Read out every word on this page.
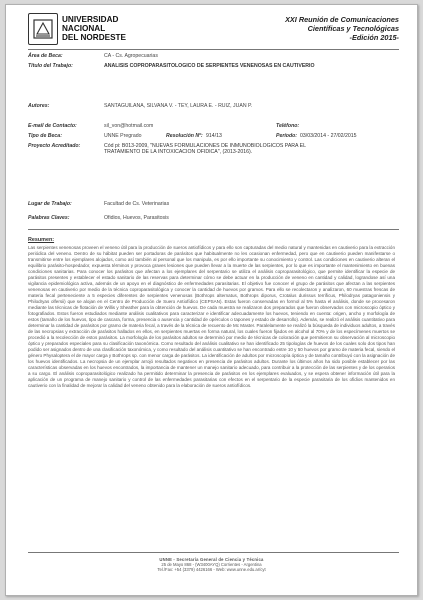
UNIVERSIDAD
NACIONAL
DEL NORDESTE
XXI Reunión de Comunicaciones
Científicas y Tecnológicas
-Edición 2015-
Área de Beca:	CA - Cs. Agropecuarias
Título del Trabajo:	ANALISIS COPROPARASITOLOGICO DE SERPIENTES VENENOSAS EN CAUTIVERIO
Autores:	SANTAGUILANA, SILVANA V. - TEY, LAURA E. - RUIZ, JUAN P.
E-mail de Contacto:	sil_von@hotmail.com	Teléfono:
Tipo de Beca:	UNNE Pregrado	Resolución Nº: 914/13	Período: 03/03/2014 - 27/02/2015
Proyecto Acreditado:	Cód pi: B013-2009, "NUEVAS FORMULACIONES DE INMUNOBIOLOGICOS PARA EL
TRATAMIENTO DE LA INTOXICACION OFIDICA", (2013-2016).
Lugar de Trabajo:	Facultad de Cs. Veterinarias
Palabras Claves:	Ofidios, Huevos, Parasitosis
Resumen:
Las serpientes venenosas proveen el veneno útil para la producción de sueros antiofídicos y para ello son capturadas del medio natural y mantenidas en cautiverio para la extracción periódica del veneno. Dentro de su hábitat pueden ser portadoras de parásitos que habitualmente no les ocasionan enfermedad, pero que en cautiverio pueden manifestarse o transmitirse entre los ejemplares alojados, como así también al personal que los manipula, es por ello importante su conocimiento y control. Las condiciones en cautiverio alteran el equilibrio parásito-hospedador, expuesta términos y provoca graves lesiones que pueden llevar a la muerte de las serpientes, por lo que es importante el mantenimiento en buenas condiciones sanitarias. Para conocer los parásitos que afectan a los ejemplares del serpentario se utiliza el análisis coproparasitológico, que permite identificar la especie de parásitos presentes y establecer el estado sanitario de las reservas para determinar cómo se debe actuar en la producción de veneno en cantidad y calidad, lograndose así una vigilancia epidemiológica activa, además de un apoyo en el diagnóstico de enfermedades parasitarias. El objetivo fue conocer el grupo de parásitos que afectan a las serpientes venenosas en cautiverio por medio de la técnica coproparasitológica y conocer la cantidad de huevos por gramos. Para ello se recolectaron y analizaron, 60 muestras frescas de materia fecal perteneciente a 5 especies diferentes de serpientes venenosas (Bothrops alternatus, Bothrops diporus, Crotalus durissus terrificus, Philodryas patagoniensis y Philodryas olfersii) que se alojan en el Centro de Producción de Suero Antiofídico (CEPSAN). Estas fueron conservadas en formol al 5% hasta el análisis, donde se procesaron mediante las técnicas de flotación de Willis y Sheather para la obtención de huevos. De cada muestra se realizaron dos preparados que fueron observados con microscopio óptico y fotografiados. Estos fueron estudiados mediante análisis cualitativos para caracterizar e identificar adecuadamente los huevos, teniendo en cuenta: origen, ancho y morfología de estos (tamaño de los huevos, tipo de cascara, forma, presencia o ausencia y cantidad de opérculos o tapones y estado de desarrollo). Además, se realizó el análisis cuantitativo para determinar la cantidad de parásitos por gramo de materia fecal, a través de la técnica de recuento de Mc Master. Paralelamente se realizó la búsqueda de individuos adultos, a través de las necropsias y extracción de parásitos hallados en ellos, en serpientes muertas en forma natural, los cuales fueron fijados en alcohol al 70% y de los especímenes muertos se procedió a la recolección de estos parásitos. La morfología de los parásitos adultos se determinó por medio de técnicas de coloración que permitieron su observación al microscopio óptico y preparados especiales para su clasificación taxonómica. Como resultado del análisis cualitativo se han identificado 25 tipologías de huevos de los cuales solo dos tipos han podido ser asignados dentro de una clasificación taxonómica, y como resultado del análisis cuantitativo se han encontrado entre 10 y 50 huevos por gramo de materia fecal, siendo el género Physaloptera el de mayor carga y Bothrops sp. con menor carga de parásitos. La identificación de adultos por microscopía óptica y de tamaño contribuyó con la asignación de los huevos identificados. La necropsia de un ejemplar arrojó resultados negativos en presencia de parásitos adultos. Durante los últimos años ha sido posible establecer por las características observadas en los huevos encontrados, la importancia de mantener un manejo sanitario adecuado, para contribuir a la protección de las serpientes y de los operarios a su cargo. El análisis coproparasitológico realizado ha permitido determinar la presencia de parásitos en los ejemplares evaluados, y se espera obtener información útil para la aplicación de un programa de manejo sanitario y control de las enfermedades parasitarias con efectos en el serpentario de la especie parasitaria de los ofidios mantenidos en cautiverio con la finalidad de mejorar la calidad del veneno obtenido para la elaboración de sueros antiofídicos.
UNNE - Secretaría General de Ciencia y Técnica
25 de Mayo 868 - (W3400AYQ) Corrientes - Argentina
Tel./Fax: +54 (3379) 4426166 - Web: www.unne.edu.ar/cyt
